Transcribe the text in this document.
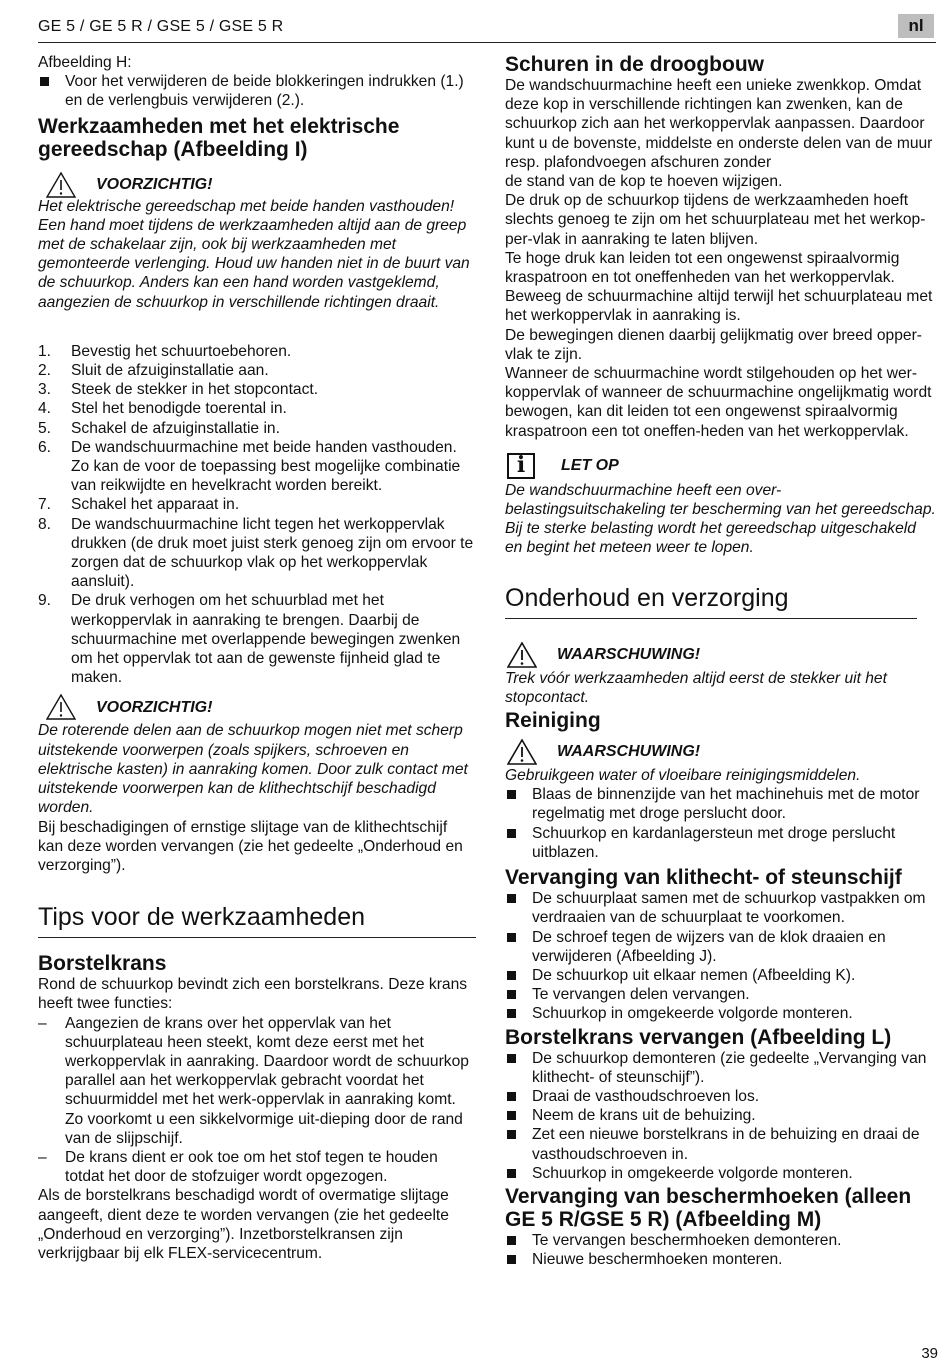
GE 5 / GE 5 R / GSE 5 / GSE 5 R	nl

Afbeelding H:

Voor het verwijderen de beide blokkeringen indrukken (1.) en de verlengbuis verwijderen (2.).
Werkzaamheden met het elektrische gereedschap (Afbeelding I)
VOORZICHTIG!

Het elektrische gereedschap met beide handen vasthouden! Een hand moet tijdens de werkzaamheden altijd aan de greep met de schakelaar zijn, ook bij werkzaamheden met gemonteerde verlenging. Houd uw handen niet in de buurt van de schuurkop. Anders kan een hand worden vastgeklemd, aangezien de schuurkop in verschillende richtingen draait.

1. Bevestig het schuurtoebehoren.
2. Sluit de afzuiginstallatie aan.
3. Steek de stekker in het stopcontact.
4. Stel het benodigde toerental in.
5. Schakel de afzuiginstallatie in.
6. De wandschuurmachine met beide handen vasthouden. Zo kan de voor de toepassing best mogelijke combinatie van reikwijdte en hevelkracht worden bereikt.
7. Schakel het apparaat in.
8. De wandschuurmachine licht tegen het werkoppervlak drukken (de druk moet juist sterk genoeg zijn om ervoor te zorgen dat de schuurkop vlak op het werkoppervlak aansluit).
9. De druk verhogen om het schuurblad met het werkoppervlak in aanraking te brengen. Daarbij de schuurmachine met overlappende bewegingen zwenken om het oppervlak tot aan de gewenste fijnheid glad te maken.
VOORZICHTIG!

De roterende delen aan de schuurkop mogen niet met scherp uitstekende voorwerpen (zoals spijkers, schroeven en elektrische kasten) in aanraking komen. Door zulk contact met uitstekende voorwerpen kan de klithechtschijf beschadigd worden.

Bij beschadigingen of ernstige slijtage van de klithechtschijf kan deze worden vervangen (zie het gedeelte „Onderhoud en verzorging”).

Tips voor de werkzaamheden
Borstelkrans

Rond de schuurkop bevindt zich een borstelkrans. Deze krans heeft twee functies:

– Aangezien de krans over het oppervlak van het schuurplateau heen steekt, komt deze eerst met het werkoppervlak in aanraking. Daardoor wordt de schuurkop parallel aan het werkoppervlak gebracht voordat het schuurmiddel met het werk-oppervlak in aanraking komt. Zo voorkomt u een sikkelvormige uit-dieping door de rand van de slijpschijf.
– De krans dient er ook toe om het stof tegen te houden totdat het door de stofzuiger wordt opgezogen.

Als de borstelkrans beschadigd wordt of overmatige slijtage aangeeft, dient deze te worden vervangen (zie het gedeelte „Onderhoud en verzorging”). Inzetborstelkransen zijn verkrijgbaar bij elk FLEX-servicecentrum.

Schuren in de droogbouw

De wandschuurmachine heeft een unieke zwenkkop. Omdat deze kop in verschillende richtingen kan zwenken, kan de schuurkop zich aan het werkoppervlak aanpassen. Daardoor kunt u de bovenste, middelste en onderste delen van de muur resp. plafondvoegen afschuren zonder

de stand van de kop te hoeven wijzigen.

De druk op de schuurkop tijdens de werkzaamheden hoeft slechts genoeg te zijn om het schuurplateau met het werkop-per-vlak in aanraking te laten blijven.

Te hoge druk kan leiden tot een ongewenst spiraalvormig kraspatroon en tot oneffenheden van het werkoppervlak.

Beweeg de schuurmachine altijd terwijl het schuurplateau met het werkoppervlak in aanraking is.

De bewegingen dienen daarbij gelijkmatig over breed opper-vlak te zijn.

Wanneer de schuurmachine wordt stilgehouden op het wer-koppervlak of wanneer de schuurmachine ongelijkmatig wordt bewogen, kan dit leiden tot een ongewenst spiraalvormig kraspatroon een tot oneffen-heden van het werkoppervlak.

i	LET OP

De wandschuurmachine heeft een over-belastingsuitschakeling ter bescherming van het gereedschap. Bij te sterke belasting wordt het gereedschap uitgeschakeld en begint het meteen weer te lopen.

Onderhoud en verzorging
WAARSCHUWING!

Trek vóór werkzaamheden altijd eerst de stekker uit het stopcontact.

Reiniging
WAARSCHUWING!

Gebruikgeen water of vloeibare reinigingsmiddelen.

Blaas de binnenzijde van het machinehuis met de motor regelmatig met droge perslucht door.
Schuurkop en kardanlagersteun met droge perslucht uitblazen.
Vervanging van klithecht- of steunschijf
De schuurplaat samen met de schuurkop vastpakken om verdraaien van de schuurplaat te voorkomen.
De schroef tegen de wijzers van de klok draaien en verwijderen (Afbeelding J).
De schuurkop uit elkaar nemen (Afbeelding K).
Te vervangen delen vervangen.
Schuurkop in omgekeerde volgorde monteren.
Borstelkrans vervangen (Afbeelding L)
De schuurkop demonteren (zie gedeelte „Vervanging van klithecht- of steunschijf”).
Draai de vasthoudschroeven los.
Neem de krans uit de behuizing.
Zet een nieuwe borstelkrans in de behuizing en draai de vasthoudschroeven in.
Schuurkop in omgekeerde volgorde monteren.
Vervanging van beschermhoeken (alleen GE 5 R/GSE 5 R) (Afbeelding M)
Te vervangen beschermhoeken demonteren.
Nieuwe beschermhoeken monteren.
39
